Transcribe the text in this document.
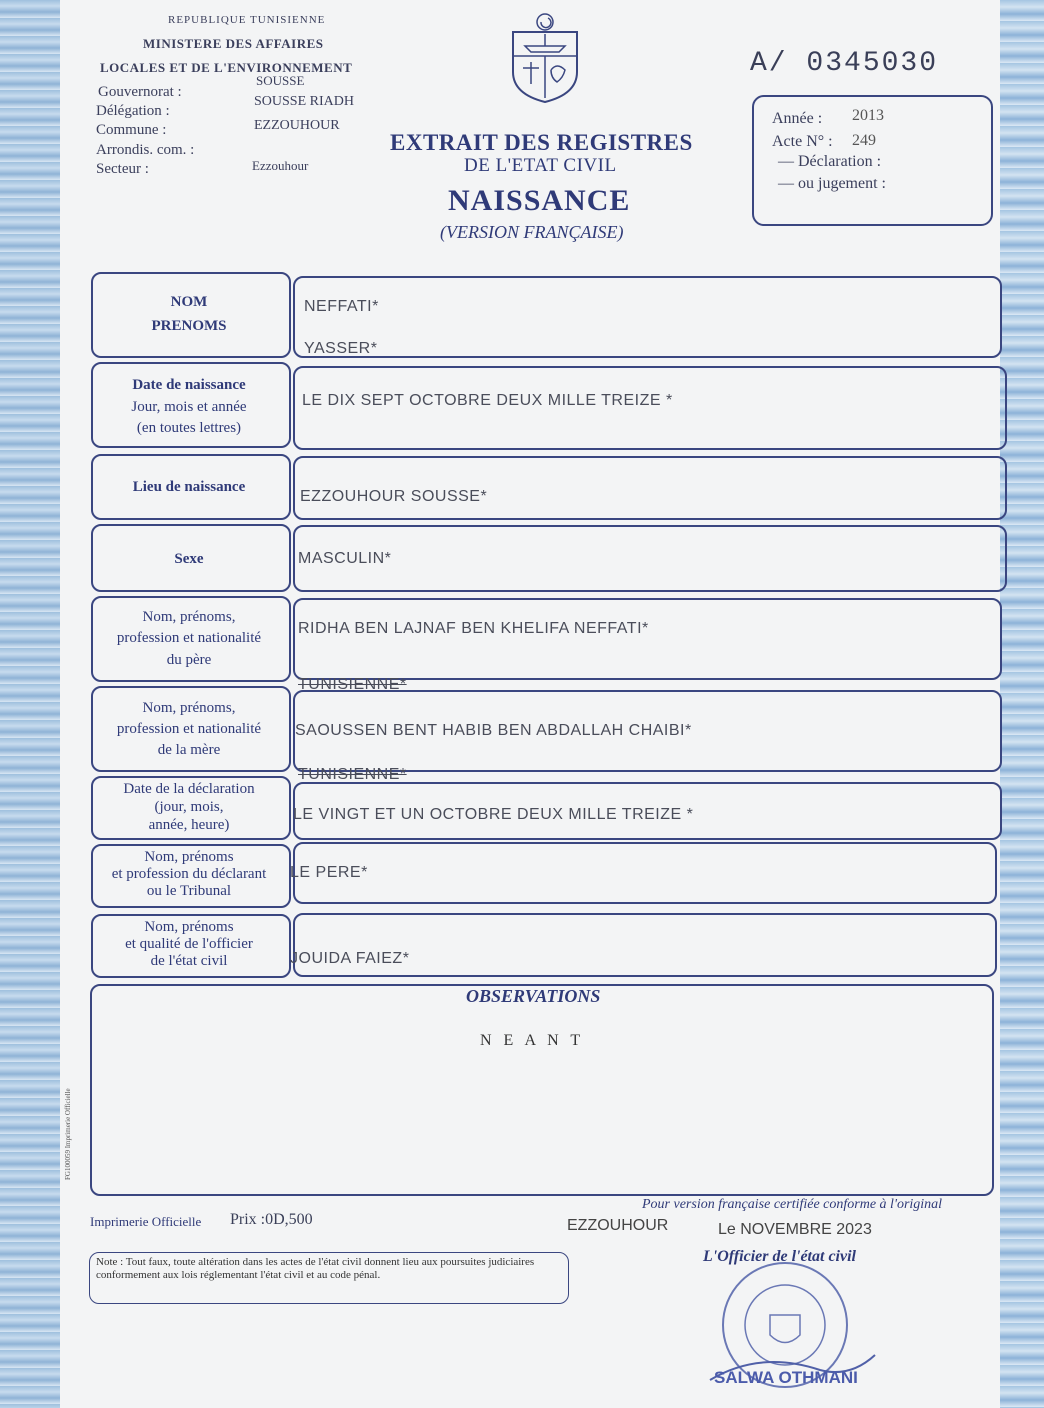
REPUBLIQUE TUNISIENNE
MINISTERE DES AFFAIRES
LOCALES ET DE L'ENVIRONNEMENT
Gouvernorat :
SOUSSE
Délégation :
SOUSSE RIADH
Commune :	EZZOUHOUR
Arrondis. com. :
Secteur :	Ezzouhour
A/ 0345030
EXTRAIT DES REGISTRES
DE L'ETAT CIVIL
NAISSANCE
(VERSION FRANÇAISE)
Année : 2013
Acte N° : 249
— Déclaration :
— ou jugement :
NOM
PRENOMS
NEFFATI*
YASSER*
Date de naissance
Jour, mois et année
(en toutes lettres)
LE DIX SEPT OCTOBRE DEUX MILLE TREIZE *
Lieu de naissance
EZZOUHOUR SOUSSE*
Sexe	MASCULIN*
Nom, prénoms,
profession et nationalité
du père
RIDHA BEN LAJNAF BEN KHELIFA NEFFATI*
TUNISIENNE*
Nom, prénoms,
profession et nationalité
de la mère
SAOUSSEN BENT HABIB BEN ABDALLAH CHAIBI*
TUNISIENNE*
Date de la déclaration
(jour, mois,
année, heure)
LE VINGT ET UN OCTOBRE DEUX MILLE TREIZE *
Nom, prénoms
et profession du déclarant
ou le Tribunal
LE PERE*
Nom, prénoms
et qualité de l'officier
de l'état civil	JOUIDA FAIEZ*
OBSERVATIONS
N E A N T
FG100059 Imprimerie Officielle
Imprimerie Officielle Prix :0D,500
Pour version française certifiée conforme à l'original
EZZOUHOUR	Le NOVEMBRE 2023
L'Officier de l'état civil
Note : Tout faux, toute altération dans les actes de l'état civil donnent lieu aux poursuites judiciaires conformement aux lois réglementant l'état civil et au code pénal.
SALWA OTHMANI
